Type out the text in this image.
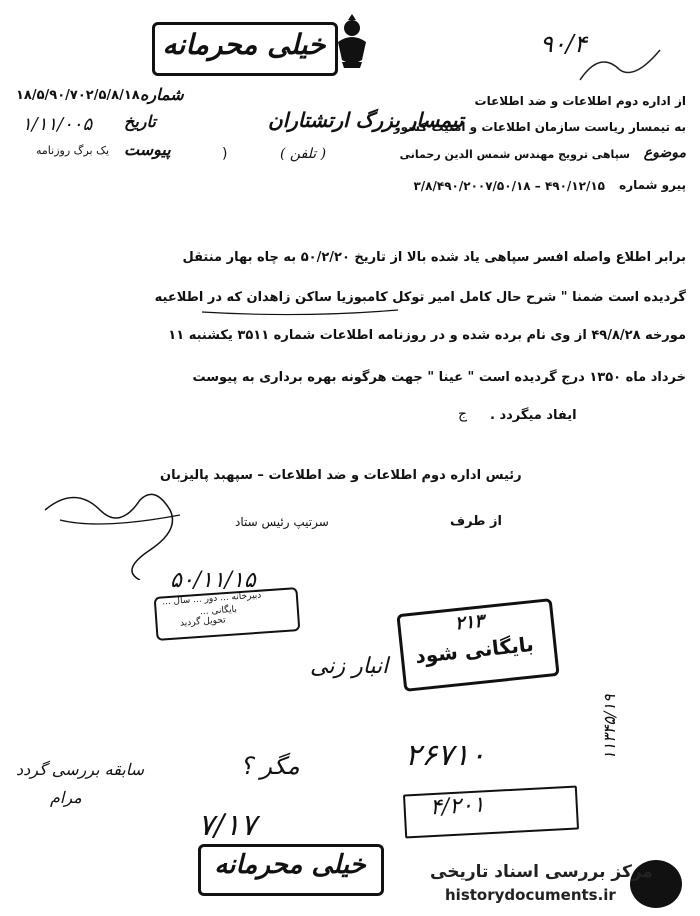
خیلی محرمانه	۹۰/۴
۱۸/۵/۹۰/۷۰۲/۵/۸/۱۸ شماره
۱/۱۱/۰۰۵ تاریخ
یک برگ روزنامه پیوست
از اداره دوم اطلاعات و ضد اطلاعات
به تیمسار ریاست سازمان اطلاعات و امنیت کشور
تیمسار بزرگ ارتشتاران
موضوع
سپاهی ترویج مهندس شمس الدین رحمانی
( تلفن )
)
پیرو شماره
۳/۸/۴۹۰/۲۰۰۷/۵۰/۱۸ – ۴۹۰/۱۲/۱۵
برابر اطلاع واصله افسر سپاهی یاد شده بالا از تاریخ ۵۰/۲/۲۰ به چاه بهار منتقل
گردیده است ضمنا " شرح حال کامل امیر توکل کامبوزیا ساکن زاهدان که در اطلاعیه
مورخه ۴۹/۸/۲۸ از وی نام برده شده و در روزنامه اطلاعات شماره ۳۵۱۱ یکشنبه ۱۱
خرداد ماه ۱۳۵۰ درج گردیده است " عینا " جهت هرگونه بهره برداری به پیوست
ایفاد میگردد .
ج
رئیس اداره دوم اطلاعات و ضد اطلاعات – سپهبد پالیزبان
از طرف
سرتیپ رئیس ستاد
۵۰/۱۱/۱۵
دبیرخانه ... دور ... سال ...
بایگانی ...
تحویل گردید	۲۱۳
بایگانی شود
انبار زنی
مگر ؟	۲۶۷۱۰
سابقه بررسی گردد
مرام
۷/۱۷
۴/۲۰۱
۱۱۳۴۵/۱۹
خیلی محرمانه	مرکز بررسی اسناد تاریخی
historydocuments.ir
